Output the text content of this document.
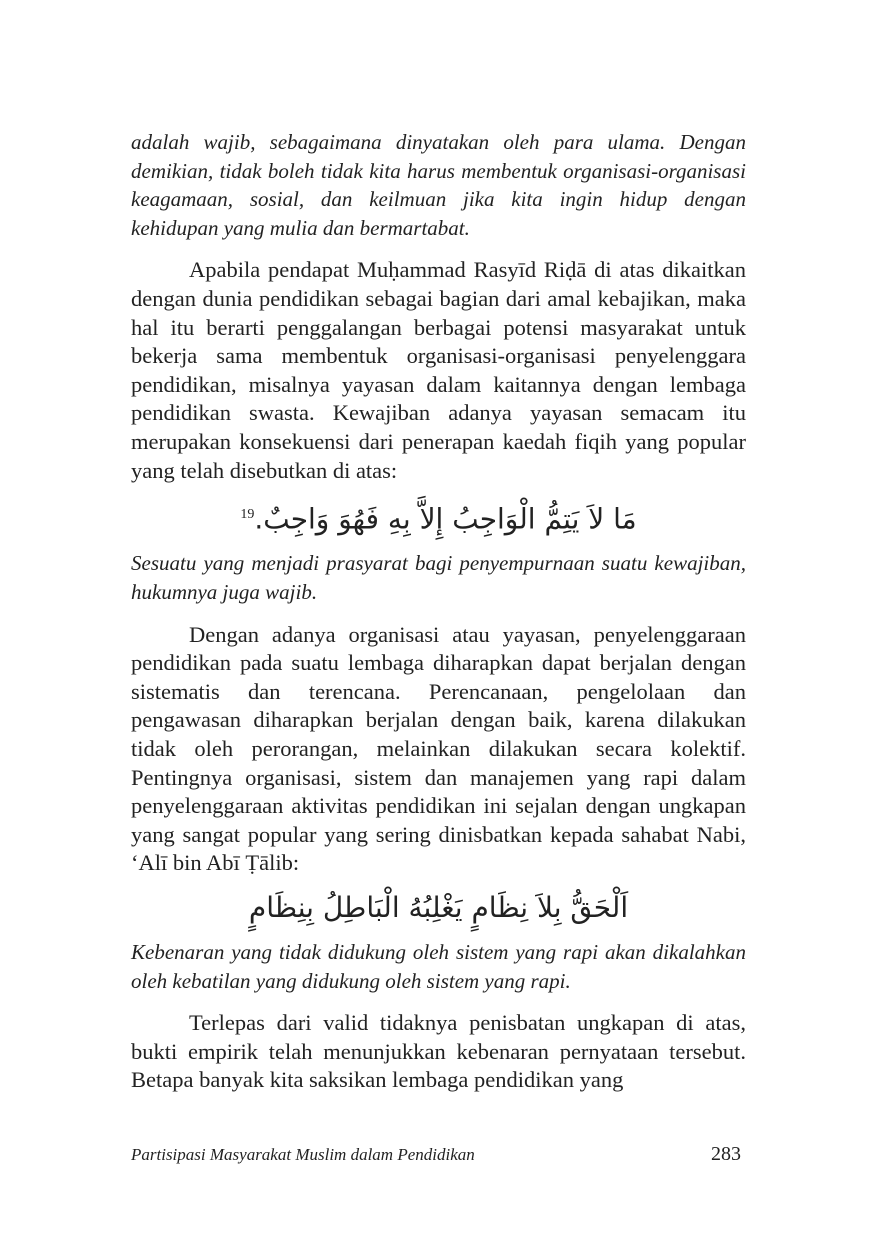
adalah wajib, sebagaimana dinyatakan oleh para ulama. Dengan demikian, tidak boleh tidak kita harus membentuk organisasi-organisasi keagamaan, sosial, dan keilmuan jika kita ingin hidup dengan kehidupan yang mulia dan bermartabat.

Apabila pendapat Muḥammad Rasyīd Riḍā di atas dikaitkan dengan dunia pendidikan sebagai bagian dari amal kebajikan, maka hal itu berarti penggalangan berbagai potensi masyarakat untuk bekerja sama membentuk organisasi-organisasi penyelenggara pendidikan, misalnya yayasan dalam kaitannya dengan lembaga pendidikan swasta. Kewajiban adanya yayasan semacam itu merupakan konsekuensi dari penerapan kaedah fiqih yang popular yang telah disebutkan di atas:

مَا لاَ يَتِمُّ الْوَاجِبُ إِلاَّ بِهِ فَهُوَ وَاجِبٌ.$^{19}$

Sesuatu yang menjadi prasyarat bagi penyempurnaan suatu kewajiban, hukumnya juga wajib.

Dengan adanya organisasi atau yayasan, penyelenggaraan pendidikan pada suatu lembaga diharapkan dapat berjalan dengan sistematis dan terencana. Perencanaan, pengelolaan dan pengawasan diharapkan berjalan dengan baik, karena dilakukan tidak oleh perorangan, melainkan dilakukan secara kolektif. Pentingnya organisasi, sistem dan manajemen yang rapi dalam penyelenggaraan aktivitas pendidikan ini sejalan dengan ungkapan yang sangat popular yang sering dinisbatkan kepada sahabat Nabi, ‘Alī bin Abī Ṭālib:

اَلْحَقُّ بِلاَ نِظَامٍ يَغْلِبُهُ الْبَاطِلُ بِنِظَامٍ

Kebenaran yang tidak didukung oleh sistem yang rapi akan dikalahkan oleh kebatilan yang didukung oleh sistem yang rapi.

Terlepas dari valid tidaknya penisbatan ungkapan di atas, bukti empirik telah menunjukkan kebenaran pernyataan tersebut. Betapa banyak kita saksikan lembaga pendidikan yang

Partisipasi Masyarakat Muslim dalam Pendidikan	283
